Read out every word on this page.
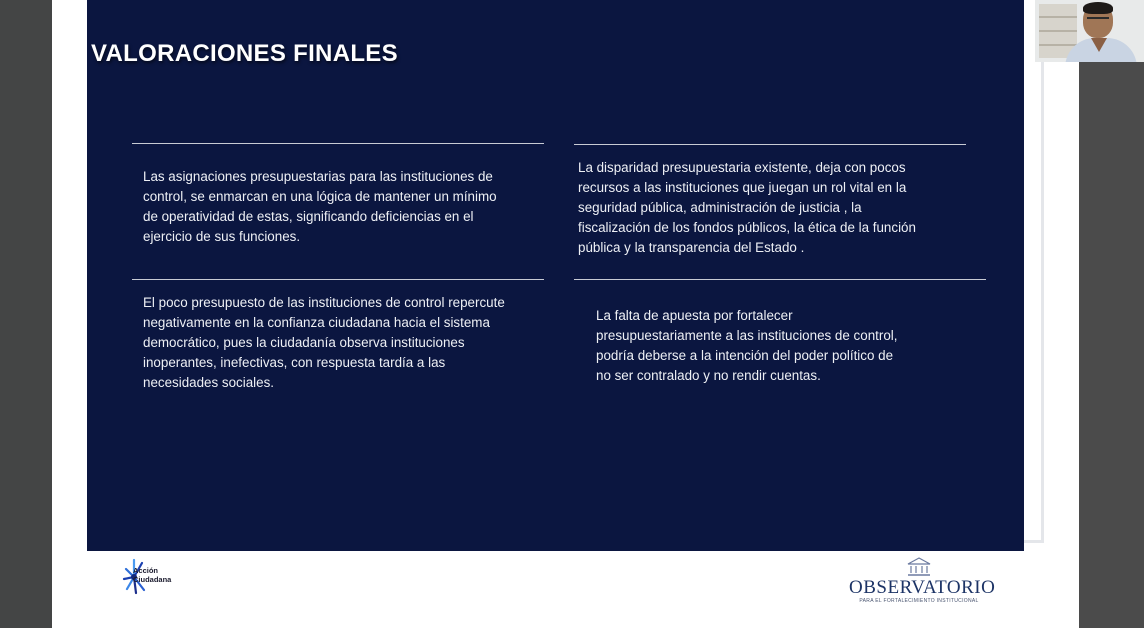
VALORACIONES FINALES
Las asignaciones presupuestarias para las instituciones de
control, se enmarcan en una lógica de mantener un mínimo
de operatividad de estas, significando deficiencias en el
ejercicio de sus funciones.
La disparidad presupuestaria existente, deja con pocos
recursos a las instituciones que juegan un rol vital en la
seguridad pública, administración de justicia , la
fiscalización de los fondos públicos, la ética de la función
pública y la transparencia del Estado .
El poco presupuesto de las instituciones de control repercute
negativamente en la confianza ciudadana hacia el sistema
democrático, pues la ciudadanía observa instituciones
inoperantes, inefectivas, con respuesta tardía a las
necesidades sociales.
La falta de apuesta por fortalecer
presupuestariamente a las instituciones de control,
podría deberse a la intención del poder político de
no ser contralado y no rendir cuentas.
Acción
Ciudadana	OBSERVATORIO
PARA EL FORTALECIMIENTO INSTITUCIONAL
